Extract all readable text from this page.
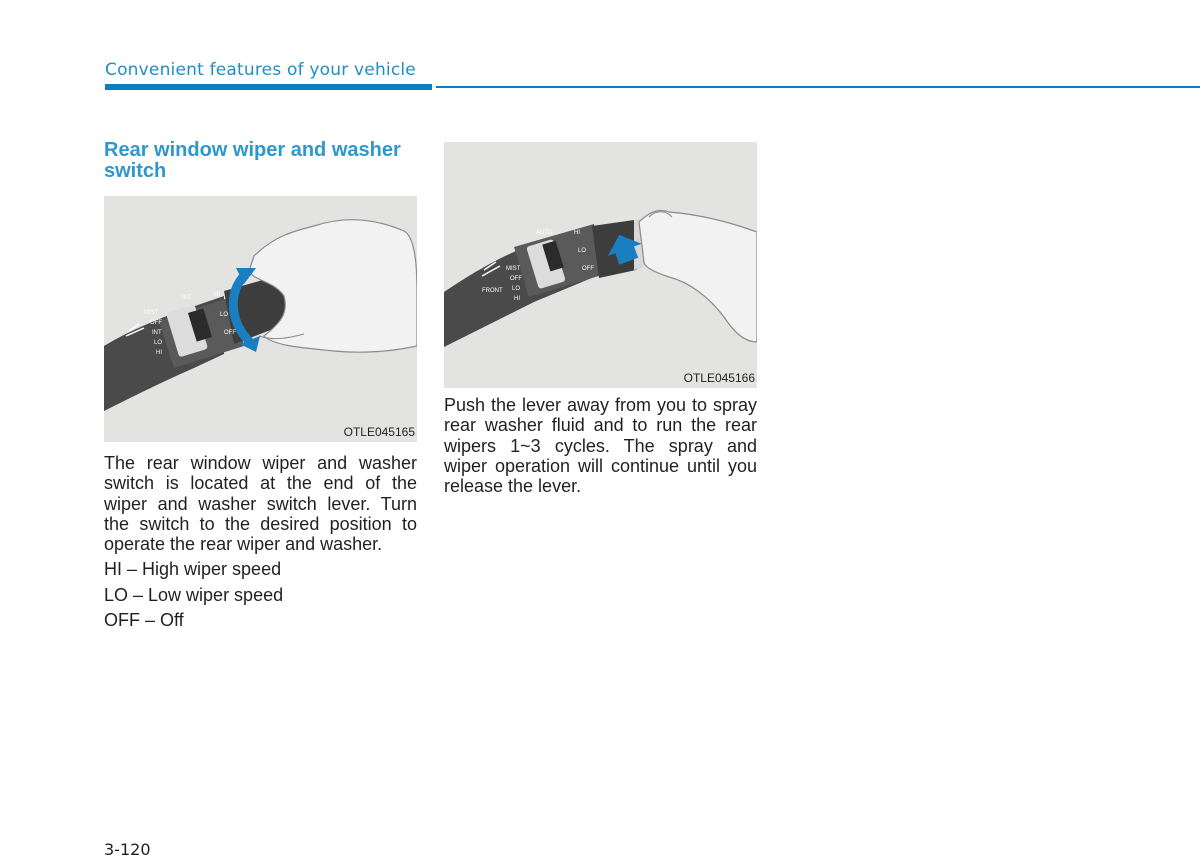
Convenient features of your vehicle
Rear window wiper and washer switch
MIST
OFF
INT
LO
HI
INT	HI
LO
OFF
OTLE045165
FRONT
MIST
OFF
LO
HI
AUTO	HI
LO
OFF
OTLE045166
The rear window wiper and washer switch is located at the end of the wiper and washer switch lever. Turn the switch to the desired position to operate the rear wiper and washer.
HI – High wiper speed
LO – Low wiper speed
OFF – Off
Push the lever away from you to spray rear washer fluid and to run the rear wipers 1~3 cycles. The spray and wiper operation will continue until you release the lever.
3-120
